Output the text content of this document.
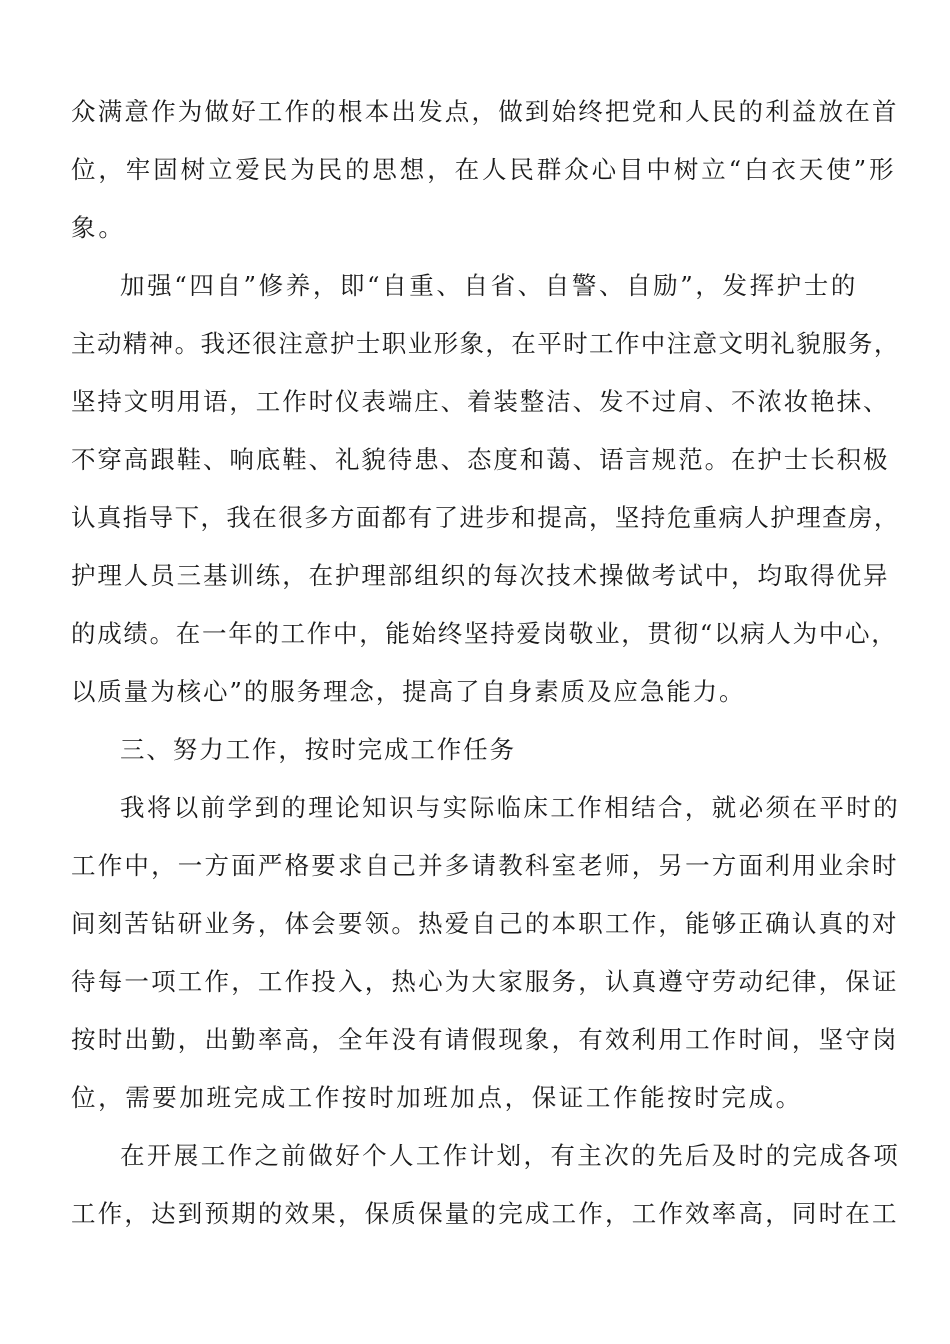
众满意作为做好工作的根本出发点，做到始终把党和人民的利益放在首
位，牢固树立爱民为民的思想，在人民群众心目中树立“白衣天使”形
象。
加强“四自”修养，即“自重、自省、自警、自励”，发挥护士的
主动精神。我还很注意护士职业形象，在平时工作中注意文明礼貌服务，
坚持文明用语，工作时仪表端庄、着装整洁、发不过肩、不浓妆艳抹、
不穿高跟鞋、响底鞋、礼貌待患、态度和蔼、语言规范。在护士长积极
认真指导下，我在很多方面都有了进步和提高，坚持危重病人护理查房，
护理人员三基训练，在护理部组织的每次技术操做考试中，均取得优异
的成绩。在一年的工作中，能始终坚持爱岗敬业，贯彻“以病人为中心，
以质量为核心”的服务理念，提高了自身素质及应急能力。
三、努力工作，按时完成工作任务
我将以前学到的理论知识与实际临床工作相结合，就必须在平时的
工作中，一方面严格要求自己并多请教科室老师，另一方面利用业余时
间刻苦钻研业务，体会要领。热爱自己的本职工作，能够正确认真的对
待每一项工作，工作投入，热心为大家服务，认真遵守劳动纪律，保证
按时出勤，出勤率高，全年没有请假现象，有效利用工作时间，坚守岗
位，需要加班完成工作按时加班加点，保证工作能按时完成。
在开展工作之前做好个人工作计划，有主次的先后及时的完成各项
工作，达到预期的效果，保质保量的完成工作，工作效率高，同时在工
